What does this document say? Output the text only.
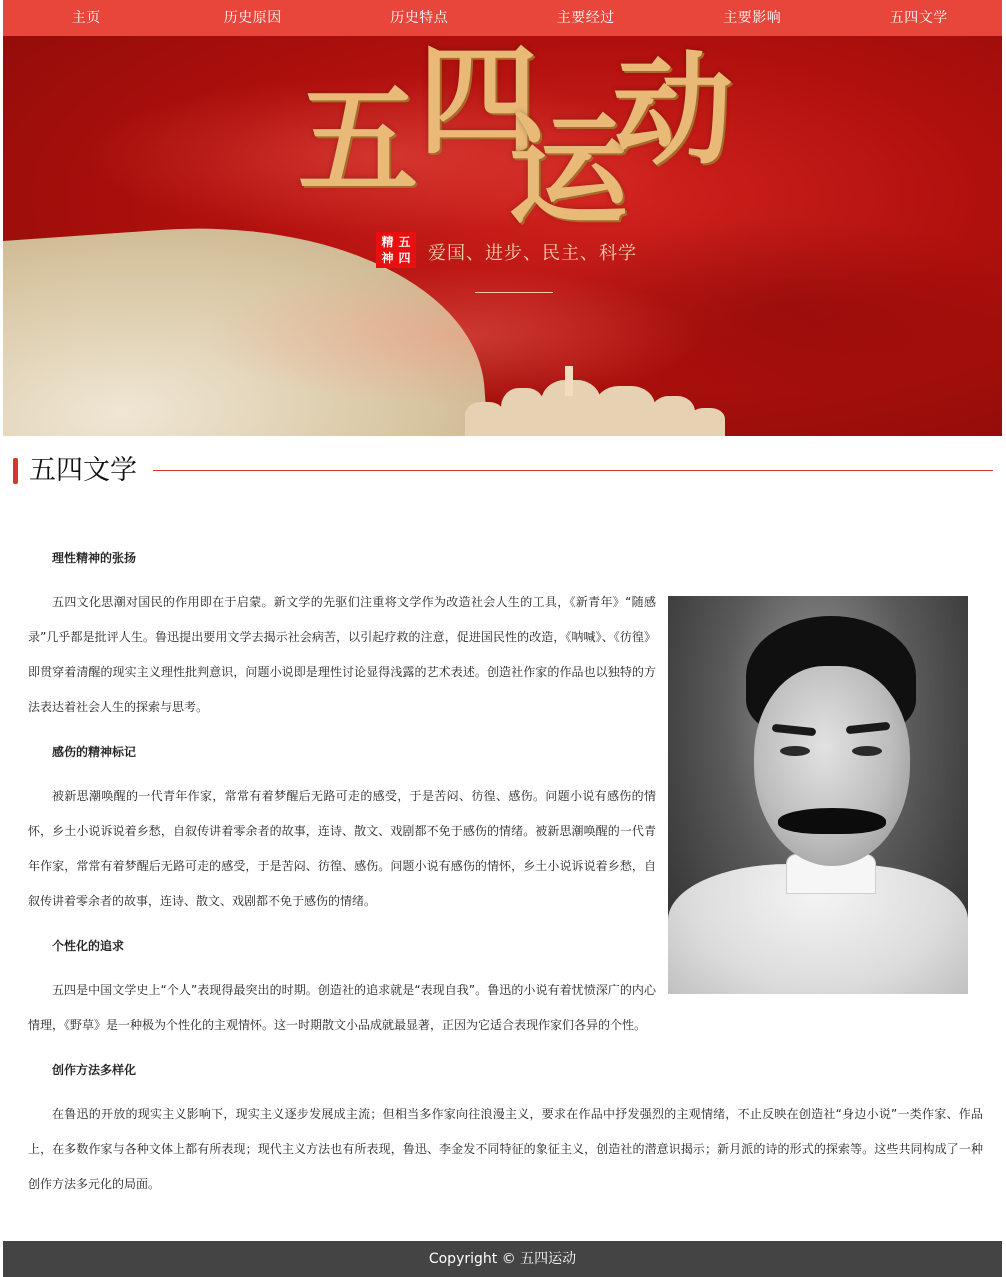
主页	历史原因	历史特点	主要经过	主要影响	五四文学
五 四
运
动
精 五
神 四 爱国、进步、民主、科学
五四文学
理性精神的张扬

五四文化思潮对国民的作用即在于启蒙。新文学的先驱们注重将文学作为改造社会人生的工具，《新青年》“随感录”几乎都是批评人生。鲁迅提出要用文学去揭示社会病苦，以引起疗救的注意，促进国民性的改造，《呐喊》、《彷徨》即贯穿着清醒的现实主义理性批判意识，问题小说即是理性讨论显得浅露的艺术表述。创造社作家的作品也以独特的方法表达着社会人生的探索与思考。

感伤的精神标记

被新思潮唤醒的一代青年作家，常常有着梦醒后无路可走的感受，于是苦闷、彷徨、感伤。问题小说有感伤的情怀，乡土小说诉说着乡愁，自叙传讲着零余者的故事，连诗、散文、戏剧都不免于感伤的情绪。被新思潮唤醒的一代青年作家，常常有着梦醒后无路可走的感受，于是苦闷、彷徨、感伤。问题小说有感伤的情怀，乡土小说诉说着乡愁，自叙传讲着零余者的故事，连诗、散文、戏剧都不免于感伤的情绪。

个性化的追求

五四是中国文学史上“个人”表现得最突出的时期。创造社的追求就是“表现自我”。鲁迅的小说有着忧愤深广的内心情理，《野草》是一种极为个性化的主观情怀。这一时期散文小品成就最显著，正因为它适合表现作家们各异的个性。

创作方法多样化

在鲁迅的开放的现实主义影响下，现实主义逐步发展成主流；但相当多作家向往浪漫主义，要求在作品中抒发强烈的主观情绪，不止反映在创造社“身边小说”一类作家、作品上，在多数作家与各种文体上都有所表现；现代主义方法也有所表现，鲁迅、李金发不同特征的象征主义，创造社的潜意识揭示；新月派的诗的形式的探索等。这些共同构成了一种创作方法多元化的局面。

Copyright © 五四运动
